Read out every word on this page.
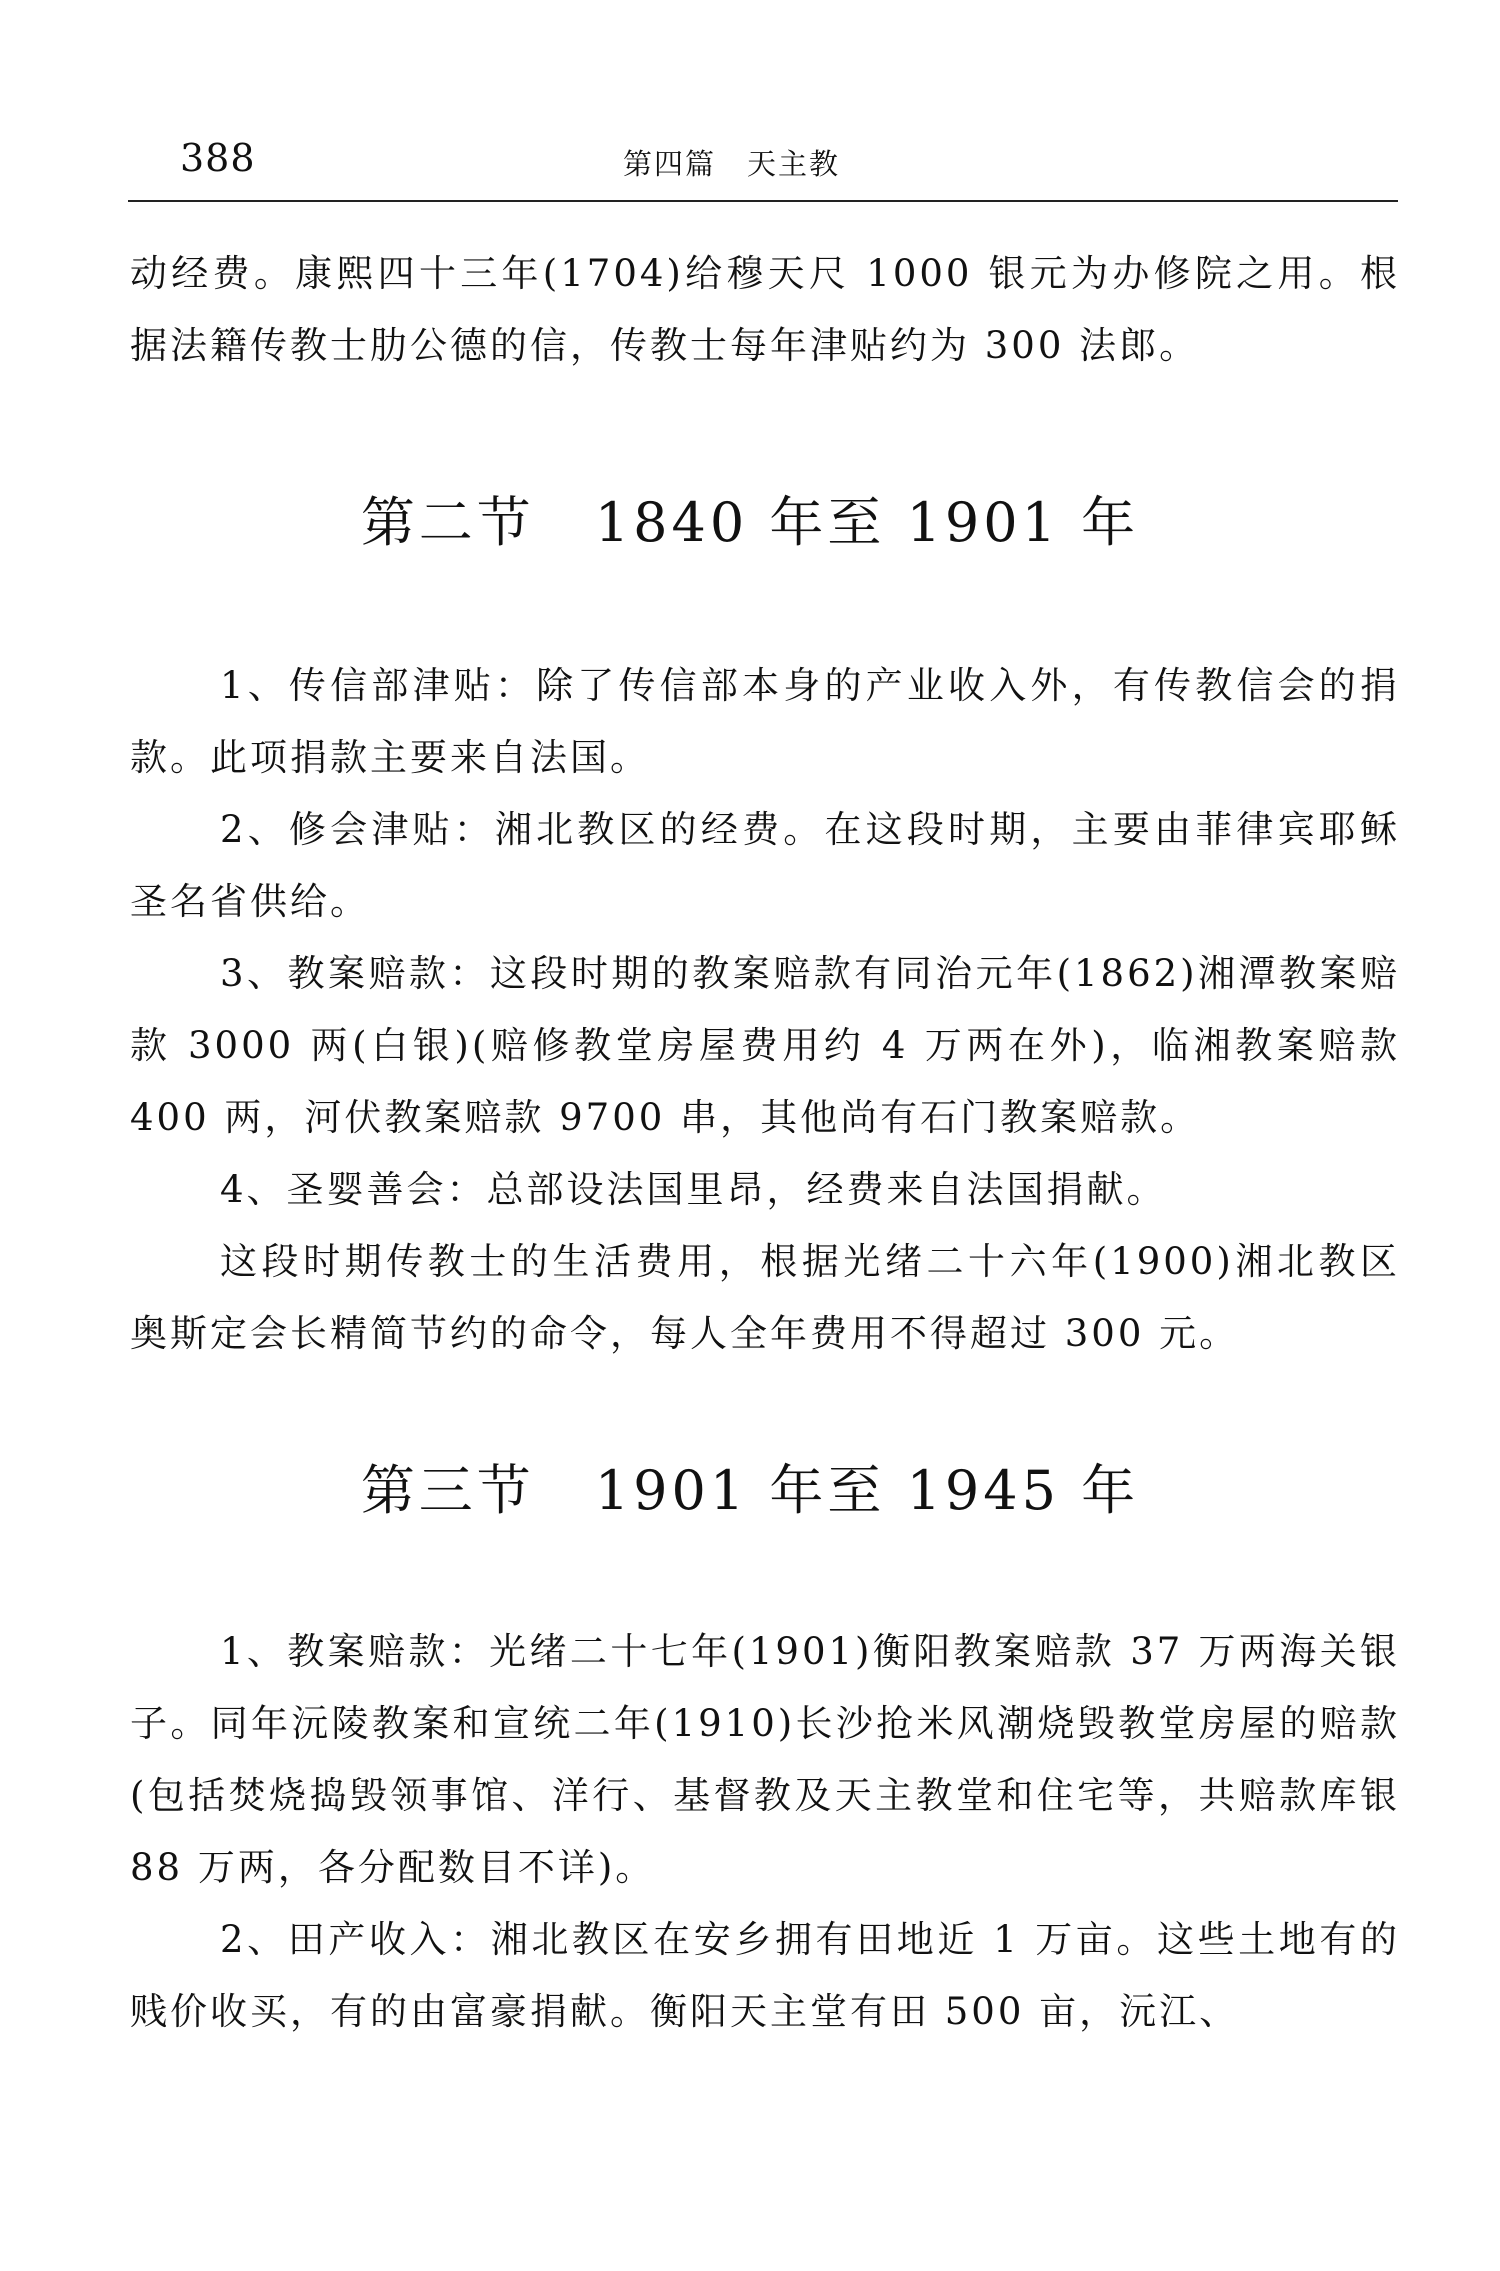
388	第四篇　天主教

动经费。康熙四十三年(1704)给穆天尺 1000 银元为办修院之用。根据法籍传教士肋公德的信，传教士每年津贴约为 300 法郎。

第二节 1840 年至 1901 年

1、传信部津贴：除了传信部本身的产业收入外，有传教信会的捐款。此项捐款主要来自法国。

2、修会津贴：湘北教区的经费。在这段时期，主要由菲律宾耶稣圣名省供给。

3、教案赔款：这段时期的教案赔款有同治元年(1862)湘潭教案赔款 3000 两(白银)(赔修教堂房屋费用约 4 万两在外)，临湘教案赔款 400 两，河伏教案赔款 9700 串，其他尚有石门教案赔款。

4、圣婴善会：总部设法国里昂，经费来自法国捐献。

这段时期传教士的生活费用，根据光绪二十六年(1900)湘北教区奥斯定会长精简节约的命令，每人全年费用不得超过 300 元。

第三节 1901 年至 1945 年

1、教案赔款：光绪二十七年(1901)衡阳教案赔款 37 万两海关银子。同年沅陵教案和宣统二年(1910)长沙抢米风潮烧毁教堂房屋的赔款(包括焚烧捣毁领事馆、洋行、基督教及天主教堂和住宅等，共赔款库银 88 万两，各分配数目不详)。

2、田产收入：湘北教区在安乡拥有田地近 1 万亩。这些土地有的贱价收买，有的由富豪捐献。衡阳天主堂有田 500 亩，沅江、
